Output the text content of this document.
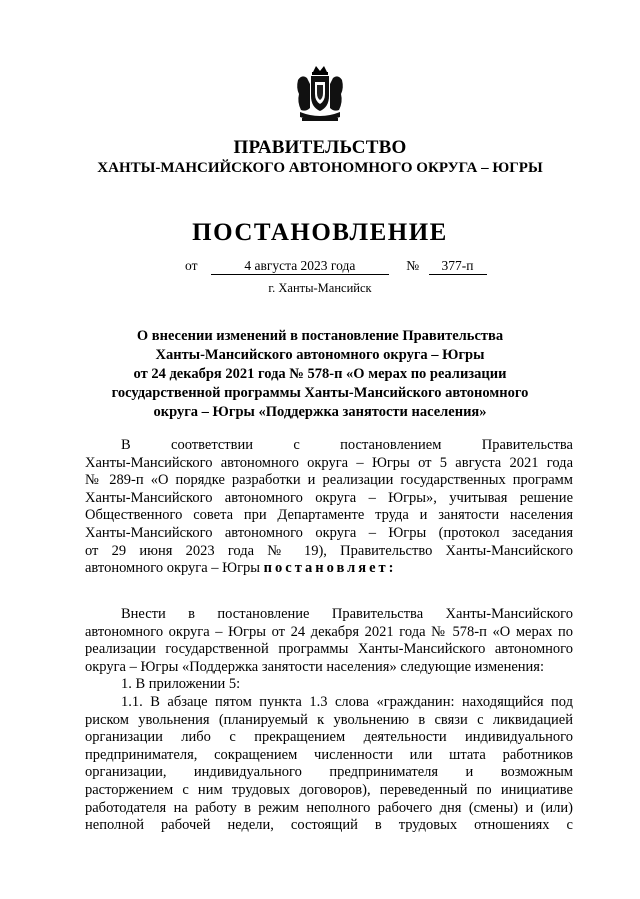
ПРАВИТЕЛЬСТВО
ХАНТЫ-МАНСИЙСКОГО АВТОНОМНОГО ОКРУГА – ЮГРЫ
ПОСТАНОВЛЕНИЕ
от	4 августа 2023 года	№ 377-п
г. Ханты-Мансийск
О внесении изменений в постановление Правительства
Ханты-Мансийского автономного округа – Югры
от 24 декабря 2021 года № 578-п «О мерах по реализации
государственной программы Ханты-Мансийского автономного
округа – Югры «Поддержка занятости населения»
В соответствии с постановлением Правительства
Ханты-Мансийского автономного округа – Югры от 5 августа 2021 года
№ 289-п «О порядке разработки и реализации государственных программ
Ханты-Мансийского автономного округа – Югры», учитывая решение
Общественного совета при Департаменте труда и занятости населения
Ханты-Мансийского автономного округа – Югры (протокол заседания
от 29 июня 2023 года № 19), Правительство Ханты-Мансийского
автономного округа – Югры постановляет:
Внести в постановление Правительства Ханты-Мансийского
автономного округа – Югры от 24 декабря 2021 года № 578-п «О мерах по
реализации государственной программы Ханты-Мансийского автономного
округа – Югры «Поддержка занятости населения» следующие изменения:
1. В приложении 5:
1.1. В абзаце пятом пункта 1.3 слова «гражданин: находящийся под
риском увольнения (планируемый к увольнению в связи с ликвидацией
организации либо с прекращением деятельности индивидуального
предпринимателя, сокращением численности или штата работников
организации, индивидуального предпринимателя и возможным
расторжением с ним трудовых договоров), переведенный по инициативе
работодателя на работу в режим неполного рабочего дня (смены) и (или)
неполной рабочей недели, состоящий в трудовых отношениях с
